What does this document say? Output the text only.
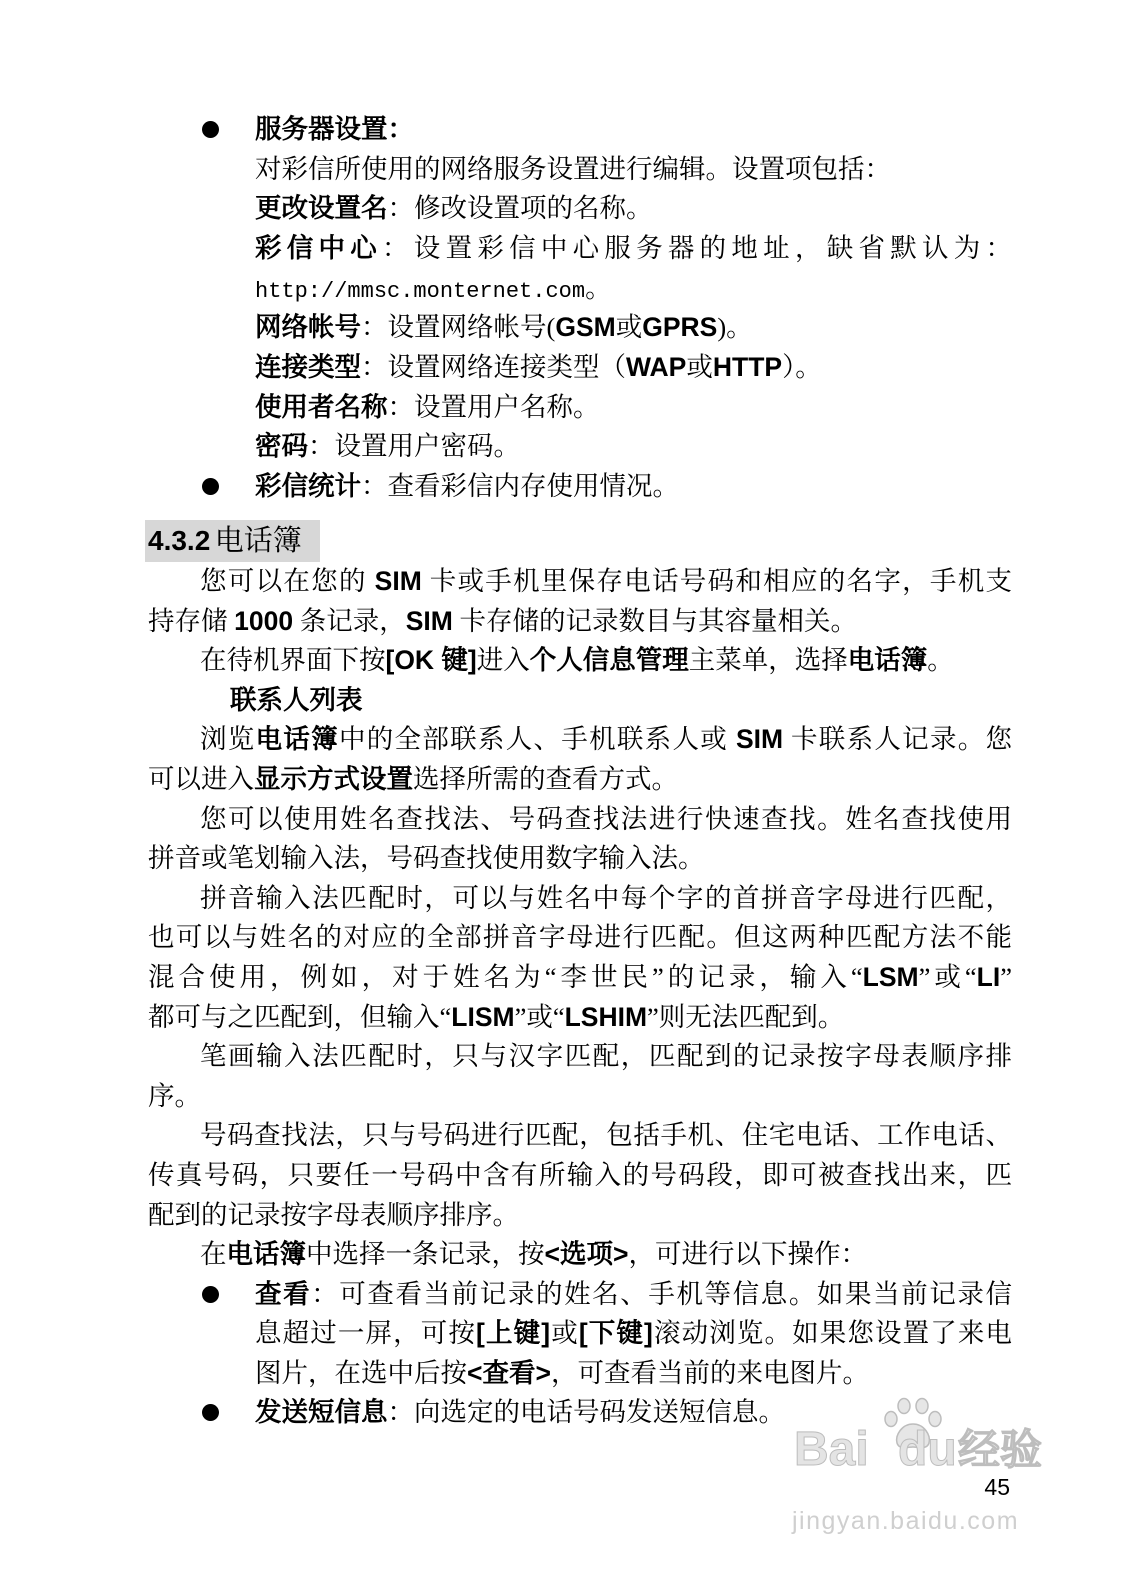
服务器设置：
对彩信所使用的网络服务设置进行编辑。设置项包括：
更改设置名：修改设置项的名称。
彩信中心：设置彩信中心服务器的地址，缺省默认为：
http://mmsc.monternet.com。
网络帐号：设置网络帐号(GSM或GPRS)。
连接类型：设置网络连接类型（WAP或HTTP）。
使用者名称：设置用户名称。
密码：设置用户密码。
彩信统计：查看彩信内存使用情况。
4.3.2 电话簿
您可以在您的 SIM 卡或手机里保存电话号码和相应的名字，手机支
持存储 1000 条记录，SIM 卡存储的记录数目与其容量相关。
在待机界面下按[OK 键]进入个人信息管理主菜单，选择电话簿。
联系人列表
浏览电话簿中的全部联系人、手机联系人或 SIM 卡联系人记录。您
可以进入显示方式设置选择所需的查看方式。
您可以使用姓名查找法、号码查找法进行快速查找。姓名查找使用
拼音或笔划输入法，号码查找使用数字输入法。
拼音输入法匹配时，可以与姓名中每个字的首拼音字母进行匹配，
也可以与姓名的对应的全部拼音字母进行匹配。但这两种匹配方法不能
混合使用，例如，对于姓名为“李世民”的记录，输入“LSM”或“LI”
都可与之匹配到，但输入“LISM”或“LSHIM”则无法匹配到。
笔画输入法匹配时，只与汉字匹配，匹配到的记录按字母表顺序排
序。
号码查找法，只与号码进行匹配，包括手机、住宅电话、工作电话、
传真号码，只要任一号码中含有所输入的号码段，即可被查找出来，匹
配到的记录按字母表顺序排序。
在电话簿中选择一条记录，按<选项>，可进行以下操作：
查看：可查看当前记录的姓名、手机等信息。如果当前记录信
息超过一屏，可按[上键]或[下键]滚动浏览。如果您设置了来电
图片，在选中后按<查看>，可查看当前的来电图片。
发送短信息：向选定的电话号码发送短信息。
Bai du 经验
jingyan.baidu.com
45
